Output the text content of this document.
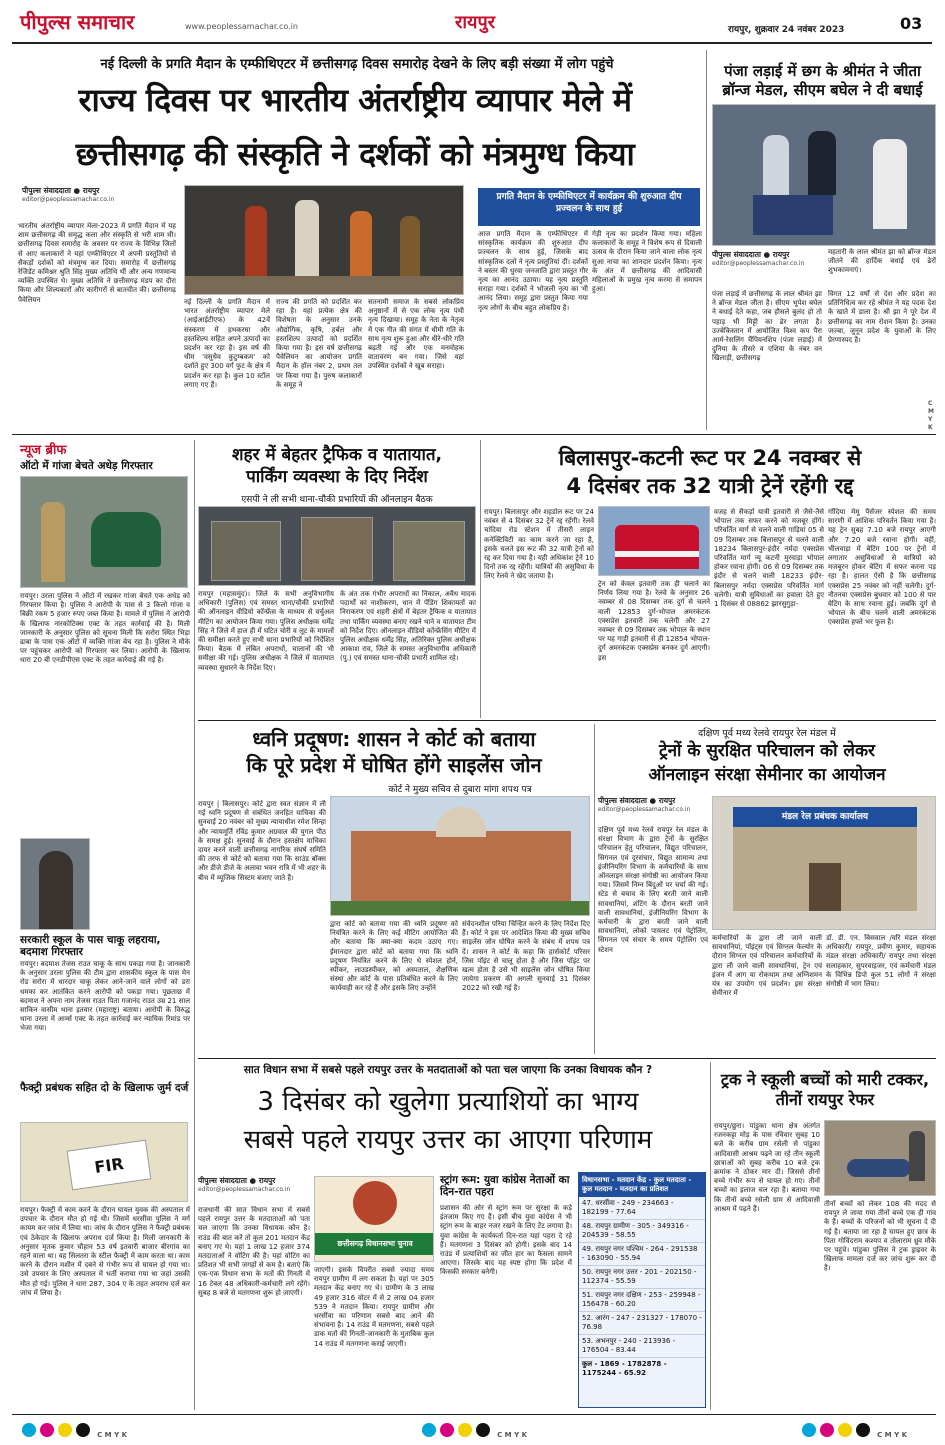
पीपुल्स समाचार	www.peoplessamachar.co.in	रायपुर	रायपुर, शुक्रवार 24 नवंबर 2023	03
नई दिल्ली के प्रगति मैदान के एम्फीथिएटर में छत्तीसगढ़ दिवस समारोह देखने के लिए बड़ी संख्या में लोग पहुंचे
राज्य दिवस पर भारतीय अंतर्राष्ट्रीय व्यापार मेले में
छत्तीसगढ़ की संस्कृति ने दर्शकों को मंत्रमुग्ध किया
पीपुल्स संवाददाता ● रायपुर
editor@peoplessamachar.co.in
भारतीय अंतर्राष्ट्रीय व्यापार मेला-2023 में प्रगति मैदान में यह शाम छत्तीसगढ़ की समृद्ध कला और संस्कृति से भरी शाम थी। छत्तीसगढ़ दिवस समारोह के अवसर पर राज्य के विभिन्न जिलों से आए कलाकारों ने यहां एम्फीथिएटर में अपनी प्रस्तुतियों से सैकड़ों दर्शकों को मंत्रमुग्ध कर दिया। समारोह में छत्तीसगढ़ रेजिडेंट कमिश्नर श्रुति सिंह मुख्य अतिथि थीं और अन्य गणमान्य व्यक्ति उपस्थित थे। मुख्य अतिथि ने छत्तीसगढ़ मंडप का दौरा किया और शिल्पकारों और कारीगरों से बातचीत की। छत्तीसगढ़ पैवेलियन
प्रगति मैदान के एम्फीथिएटर में कार्यक्रम की शुरुआत दीप प्रज्वलन के साथ हुई
आज प्रगति मैदान के एम्फीथिएटर में सांस्कृतिक कार्यक्रम की शुरुआत दीप प्रज्वलन के साथ हुई, जिसके बाद सांस्कृतिक दलों ने नृत्य प्रस्तुतियां दीं। दर्शकों ने बस्तर की धुरवा जनजाति द्वारा प्रस्तुत गौर नृत्य का आनंद उठाया। यह नृत्य प्रस्तुति सराहा गया। दर्शकों ने भोजली नृत्य का भी आनंद लिया। समूह द्वारा प्रस्तुत किया गया नृत्य लोगों के बीच बहुत लोकप्रिय है।
गेड़ी नृत्य का प्रदर्शन किया गया। महिला कलाकारों के समूह ने विशेष रूप से दिवाली उत्सव के दौरान किया जाने वाला लोक नृत्य सुआ नाचा का शानदार प्रदर्शन किया। नृत्य के अंत में छत्तीसगढ़ की आदिवासी महिलाओं के प्रमुख नृत्य करमा से समापन हुआ।
नई दिल्ली के प्रगति मैदान में भारत अंतर्राष्ट्रीय व्यापार मेले (आईआईटीएफ) के 42वें संस्करण में हथकरघा और हस्तशिल्प सहित अपने उत्पादों का प्रदर्शन कर रहा है। इस वर्ष की थीम 'वसुधैव कुटुम्बकम' को दर्शाते हुए 300 वर्ग फुट के क्षेत्र में प्रदर्शन कर रहा है। कुल 10 स्टॉल लगाए गए हैं।
राज्य की प्रगति को प्रदर्शित कर रहा है। यहां प्रत्येक क्षेत्र की विशेषता के अनुसार उनके औद्योगिक, कृषि, हर्बल और हस्तशिल्प उत्पादों को प्रदर्शित किया गया है। इस वर्ष छत्तीसगढ़ पैवेलियन का आयोजन प्रगति मैदान के हॉल नंबर 2, प्रथम तल पर किया गया है। पुरुष कलाकारों के समूह ने
सतनामी समाज के सबसे लोकप्रिय अनुष्ठानों में से एक लोक नृत्य पंथी नृत्य दिखाया। समूह के नेता के नेतृत्व में एक गीत की संगत में धीमी गति के साथ नृत्य शुरू हुआ और धीरे-धीरे गति बढ़ती गई और एक मनमोहक वातावरण बन गया। जिसे वहां उपस्थित दर्शकों ने खूब सराहा।
पंजा लड़ाई में छग के श्रीमंत ने जीता ब्रॉन्ज मेडल, सीएम बघेल ने दी बधाई
पीपुल्स संवाददाता ● रायपुर
editor@peoplessamachar.co.in
महतारी के लाल श्रीमंत झा को ब्रॉन्ज मेडल जीतने की हार्दिक बधाई एवं ढेरों शुभकामनाएं।
पंजा लड़ाई में छत्तीसगढ़ के लाल श्रीमंत झा ने ब्रॉन्ज मेडल जीता है। सीएम भूपेश बघेल ने बधाई देते कहा, जब हौसले बुलंद हो तो पहाड़ भी मिट्टी का ढेर लगता है। उज्बेकिस्तान में आयोजित विश्व कप पैरा आर्म-रेसलिंग चैंपियनशिप (पंजा लड़ाई) में दुनिया के तीसरे व एशिया के नंबर वन खिलाड़ी, छत्तीसगढ़
विगत 12 वर्षों से देश और प्रदेश का प्रतिनिधित्व कर रहे श्रीमंत ने यह पदक देश के खाते में डाला है। श्री झा ने पूरे देश में छत्तीसगढ़ का नाम रोशन किया है। उनका जज्बा, जुनून प्रदेश के युवाओं के लिए प्रेरणास्पद है।
न्यूज ब्रीफ
ऑटो में गांजा बेचते अधेड़ गिरफ्तार
रायपुर। उरला पुलिस ने ऑटो में रखकर गांजा बेचते एक अधेड़ को गिरफ्तार किया है। पुलिस ने आरोपी के पास से 3 किलो गांजा व बिक्री रकम 5 हजार रुपए जब्त किया है। मामले में पुलिस ने आरोपी के खिलाफ नारकोटिक्स एक्ट के तहत कार्रवाई की है। मिली जानकारी के अनुसार पुलिस को सूचना मिली कि सरोरा स्थित भिड़ा ढाबा के पास एक ऑटो में व्यक्ति गांजा बेच रहा है। पुलिस ने मौके पर पहुंचकर आरोपी को गिरफ्तार कर लिया। आरोपी के खिलाफ धारा 20 बी एनडीपीएस एक्ट के तहत कार्रवाई की गई है।
सरकारी स्कूल के पास चाकू लहराया, बदमाश गिरफ्तार
रायपुर। बदमाश तेजस राउत चाकू के साथ पकड़ा गया है। जानकारी के अनुसार उरला पुलिस की टीम द्वारा शासकीय स्कूल के पास मेन रोड सरोरा में धारदार चाकू लेकर आने-जाने वाले लोगों को डरा धमका कर आतंकित करने आरोपी को पकड़ा गया। पूछताछ में बदमाश ने अपना नाम तेजस राउत पिता गजानंद राउत उम्र 21 साल साकिन वासीम थाना इतवार (महाराष्ट्र) बताया। आरोपी के विरुद्ध थाना उरला में आर्म्स एक्ट के तहत कार्रवाई कर न्यायिक रिमांड पर भेजा गया।
फैक्ट्री प्रबंधक सहित दो के खिलाफ जुर्म दर्ज
FIR
रायपुर। फैक्ट्री में काम करने के दौरान घायल युवक की अस्पताल में उपचार के दौरान मौत हो गई थी। जिसमें धरसींवा पुलिस ने मर्ग कायम कर जांच में लिया था। जांच के दौरान पुलिस ने फैक्ट्री प्रबंधक एवं ठेकेदार के खिलाफ अपराध दर्ज किया है। मिली जानकारी के अनुसार मृतक कुमार चौहान 53 वर्ष इतवारी बाजार बीरगांव का रहने वाला था। वह सिलतरा के स्टील फैक्ट्री में काम करता था। काम करने के दौरान मशीन में दबने से गंभीर रूप से घायल हो गया था। उसे उपचार के लिए अस्पताल में भर्ती कराया गया था जहां उसकी मौत हो गई। पुलिस ने धारा 287, 304 ए के तहत अपराध दर्ज कर जांच में लिया है।
शहर में बेहतर ट्रैफिक व यातायात,
पार्किंग व्यवस्था के दिए निर्देश
एसपी ने ली सभी थाना-चौकी प्रभारियों की ऑनलाइन बैठक
रायपुर (महासमुंद)। जिले के सभी अनुविभागीय अधिकारी (पुलिस) एवं समस्त थाना/चौकी प्रभारियों की ऑनलाइन वीडियो कॉन्फ्रेंस के माध्यम से वर्चुअल मीटिंग का आयोजन किया गया। पुलिस अधीक्षक धर्मेंद्र सिंह ने जिले में हाल ही में घटित चोरी व लूट के मामलों की समीक्षा करते हुए सभी थाना प्रभारियों को निर्देशित किया। बैठक में लंबित अपराधों, चालानों की भी समीक्षा की गई। पुलिस अधीक्षक ने जिले में यातायात व्यवस्था सुधारने के निर्देश दिए।
के अंत तक गंभीर अपराधों का निकाल, अवैध मादक पदार्थों का नाशीकरण, धान में पेंडिंग शिकायतों का निराकरण एवं शहरी क्षेत्रों में बेहतर ट्रैफिक व यातायात तथा पार्किंग व्यवस्था बनाए रखने थाने व यातायात टीम को निर्देश दिए। ऑनलाइन वीडियो कॉन्फ्रेंसिंग मीटिंग में पुलिस अधीक्षक धर्मेंद्र सिंह, अतिरिक्त पुलिस अधीक्षक आकाश राव, जिले के समस्त अनुविभागीय अधिकारी (पु.) एवं समस्त थाना-चौकी प्रभारी शामिल रहे।
बिलासपुर-कटनी रूट पर 24 नवम्बर से
4 दिसंबर तक 32 यात्री ट्रेनें रहेंगी रद्द
रायपुर। बिलासपुर और शहडोल रूट पर 24 नवंबर से 4 दिसंबर 32 ट्रेनें रद्द रहेंगी। रेलवे चांदिया रोड स्टेशन में तीसरी लाइन कनेक्टिविटी का काम करने जा रहा है, इसके चलते इस रूट की 32 यात्री ट्रेनों को रद्द कर दिया गया है। यही अधिकांश ट्रेनें 10 दिनों तक रद्द रहेंगी। यात्रियों की असुविधा के लिए रेलवे ने खेद जताया है।
ट्रेन को केवल इतवारी तक ही चलाने का निर्णय लिया गया है। रेलवे के अनुसार 26 नवम्बर से 08 दिसम्बर तक दुर्ग से चलने वाली 12853 दुर्ग-भोपाल अमरकंटक एक्सप्रेस इतवारी तक चलेगी और 27 नवम्बर से 09 दिसम्बर तक भोपाल के स्थान पर यह गाड़ी इतवारी से ही 12854 भोपाल-दुर्ग अमरकंटक एक्सप्रेस बनकर दुर्ग आएगी। इस
वजह से सैकड़ों यात्री इतवारी से जैसे-तैसे भोपाल तक सफर करने को मजबूर होंगे। परिवर्तित मार्ग से चलने वाली गाड़ियां 05 से 09 दिसम्बर तक बिलासपुर से चलने वाली 18234 बिलासपुर-इंदौर नर्मदा एक्सप्रेस परिवर्तित मार्ग न्यू कटनी मुरवाड़ा भोपाल होकर रवाना होगी। 06 से 09 दिसम्बर तक इंदौर से चलने वाली 18233 इंदौर-बिलासपुर नर्मदा एक्सप्रेस परिवर्तित मार्ग चलेगी। यात्री सुविधाओं का हवाला देते हुए 1 दिसंबर से 08862 झारसुगुड़ा-
गोंदिया मेमू पैसेंजर स्पेशल की समय सारणी में आंशिक परिवर्तन किया गया है। यह ट्रेन सुबह 7.10 बजे रायपुर आएगी और 7.20 बजे रवाना होगी। वहीं, भीलवाड़ा में बेटिंग 100 पर ट्रेनों में लगातार असुविधाओं से यात्रियों को मजबूरन होकर बेटिंग में सफर करना पड़ रहा है। हालत ऐसी है कि छत्तीसगढ़ एक्सप्रेस 25 नवंबर को नहीं चलेगी। दुर्ग-नौतनवा एक्सप्रेस बुधवार को 100 से पार वेटिंग के साथ रवाना हुई। जबकि दुर्ग से भोपाल के बीच चलने वाली अमरकंटक एक्सप्रेस हफ्ते भर फुल है।
ध्वनि प्रदूषण: शासन ने कोर्ट को बताया
कि पूरे प्रदेश में घोषित होंगे साइलेंस जोन
कोर्ट ने मुख्य सचिव से दुबारा मांगा शपथ पत्र
रायपुर | बिलासपुर। कोर्ट द्वारा स्वत संज्ञान में ली गई ध्वनि प्रदूषण से संबंधित जनहित याचिका की सुनवाई 20 नवंबर को मुख्य न्यायाधीश रमेश सिन्हा और न्यायमूर्ति रविंद्र कुमार अग्रवाल की युगल पीठ के समक्ष हुई। सुनवाई के दौरान हस्तक्षेप याचिका दायर करने वाली छत्तीसगढ़ नागरिक संघर्ष समिति की तरफ से कोर्ट को बताया गया कि साउंड बॉक्स और डीजे डीजे के अलावा भवन रात्रि में भी शहर के बीच में म्यूजिक सिस्टम बजाए जाते हैं।
द्वारा कोर्ट को बताया गया की ध्वनि प्रदूषण को नियंत्रित करने के लिए कई मीटिंग आयोजित की और बताया कि क्या-क्या कदम उठाए गए। ईमानदार द्वारा कोर्ट को बताया गया कि ध्वनि प्रदूषण नियंत्रित करने के लिए थे स्पेशल होर्न, स्पीकर, लाउडस्पीकर, को अस्पताल, शैक्षणिक संस्था और कोर्ट के पास प्रतिबंधित करने के लिए कार्यवाही कर रहे हैं और इसके लिए उन्होंने
संवेदनशील परिया चिन्हित करने के लिए निर्देश दिए हैं। कोर्ट ने इस पर आदेशित किया की मुख्य सचिव साइलेंस जोन घोषित करने के संबंध में शपथ पत्र दें। शासन ने कोर्ट के कहा कि हार्सकोर्ट परिसर जिस पॉइंट से चालू होता है और जिस पॉइंट पर खत्म होता है उसे भी साइलेंस जोन घोषित किया जायेगा प्रकरण की अगली सुनवाई 31 दिसंबर 2022 को रखी गई है।
दक्षिण पूर्व मध्य रेलवे रायपुर रेल मंडल में
ट्रेनों के सुरक्षित परिचालन को लेकर
ऑनलाइन संरक्षा सेमीनार का आयोजन
पीपुल्स संवाददाता ● रायपुर
editor@peoplessamachar.co.in
दक्षिण पूर्व मध्य रेलवे रायपुर रेल मंडल के संरक्षा विभाग के द्वारा ट्रेनों के सुरक्षित परिचालन हेतु परिचालन, विद्युत परिचालन, सिगनल एवं दूरसंचार, विद्युत सामान्य तथा इंजीनियरिंग विभाग के कर्मचारियों के साथ ऑनलाइन संरक्षा संगोष्ठी का आयोजन किया गया। जिसमें निम्न बिंदुओं पर चर्चा की गई। स्टेड से बचाव के लिए बरती जाने वाली सावधानियां, शंटिंग के दौरान बरती जाने वाली सावधानियां, इंजीनियरिंग विभाग के कर्मचारी के द्वारा बरती जाने वाली सावधानियां, लोको पायलट एवं पेट्रोलिंग, सिगनल एवं संचार के समय पेट्रोलिंग एवं स्टेशन
मंडल रेल प्रबंधक कार्यालय
कर्मचारियों के द्वारा ली जाने वाली सावधानियां, पॉइंट्स एवं सिग्नल फेल्योर के दौरान सिग्नल एवं परिचालन कर्मचारियों के द्वारा ली जाने वाली सावधानियां, ट्रेन एवं इंजन में आग या रोकथाम तथा अग्निशमन यंत्र का उपयोग एवं प्रदर्शन। इस संरक्षा सेमीनार में
डॉ. डी. एन. बिसवाल /वरि मंडल संरक्षा अधिकारी/ रायपुर, प्रवीण कुमार, सहायक मंडल संरक्षा अधिकारी/ रायपुर तथा संरक्षा सलाहकार, सुपरवाइजर, एवं कर्मचारी मंडल के विभिन्न डिपो कुल 51 लोगों ने संरक्षा संगोष्ठी में भाग लिया।
सात विधान सभा में सबसे पहले रायपुर उत्तर के मतदाताओं को पता चल जाएगा कि उनका विधायक कौन ?
3 दिसंबर को खुलेगा प्रत्याशियों का भाग्य
सबसे पहले रायपुर उत्तर का आएगा परिणाम
पीपुल्स संवाददाता ● रायपुर
editor@peoplessamachar.co.in
राजधानी की सात विधान सभा में सबसे पहले रायपुर उत्तर के मतदाताओं को पता चल जाएगा कि उनका विधायक कौन है। राउंड की बात करें तो कुल 201 मतदान केंद्र बनाए गए थे। यहां 1 लाख 12 हजार 374 मतदाताओं ने वोटिंग की है। यहां वोटिंग का प्रतिशत भी सभी जगहों से कम है। बताएं कि एक-एक विधान सभा के मतों की गिनती में 16 टेबल 48 अधिकारी-कर्मचारी लगे रहेंगे। सुबह 8 बजे से मतगणना शुरू हो जाएगी।
छत्तीसगढ़ विधानसभा चुनाव
जाएगी। इसके विपरीत सबसे ज्यादा समय रायपुर ग्रामीण में लग सकता है। यहां पर 305 मतदान केंद्र बनाए गए थे। ग्रामीण के 3 लाख 49 हजार 316 वोटर में से 2 लाख 04 हजार 539 ने मतदान किया। रायपुर ग्रामीण और धरसींवा का परिणाम सबसे बाद आने की संभावना है। 14 राउंड में मतगणना, सबसे पहले डाक मतों की गिनती-जानकारी के मुताबिक कुल 14 राउंड में मतगणना कराई जाएगी।
स्ट्रांग रूम: युवा कांग्रेस नेताओं का दिन-रात पहरा
प्रशासन की ओर से स्ट्रांग रूम पर सुरक्षा के कड़े इंतजाम किए गए हैं। इसी बीच युवा कांग्रेस ने भी स्ट्रांग रूम के बाहर नजर रखने के लिए टेंट लगाया है। युवा कांग्रेस के कार्यकर्ता दिन-रात यहां पहरा दे रहे हैं। मतगणना 3 दिसंबर को होगी। इसके बाद 14 राउंड में प्रत्याशियों का जीत हार का फैसला सामने आएगा। जिसके बाद यह स्पष्ट होगा कि प्रदेश में किसकी सरकार बनेगी।
विधानसभा - मतदान केंद्र - कुल मतदाता - कुल मतदान - मतदान का प्रतिशत
47. धरसींवा - 249 - 234663 - 182199 - 77.64
48. रायपुर ग्रामीण - 305 - 349316 - 204539 - 58.55
49. रायपुर नगर पश्चिम - 264 - 291538 - 163090 - 55.94
50. रायपुर नगर उत्तर - 201 - 202150 - 112374 - 55.59
51. रायपुर नगर दक्षिण - 253 - 259948 - 156478 - 60.20
52. आरंग - 247 - 231327 - 178070 - 76.98
53. अभनपुर - 240 - 213936 - 176504 - 83.44
कुल - 1869 - 1782878 - 1175244 - 65.92
ट्रक ने स्कूली बच्चों को मारी टक्कर, तीनों रायपुर रेफर
रायपुर/छुरा। पांडुका थाना क्षेत्र अंतर्गत रजनकट्टा मोड़ के पास रविवार सुबह 10 बजे के करीब ग्राम रसेली से पांडुका आदिवासी आश्रम पढ़ने जा रहे तीन स्कूली छात्राओं को सुबह करीब 10 बजे ट्रक क्रमांक ने ठोकर मार दी। जिससे तीनों बच्चे गंभीर रूप से घायल हो गए। तीनों बच्चों का इलाज चल रहा है। बताया गया कि तीनों बच्चे रसेली ग्राम से आदिवासी आश्रम में पढ़ने हैं।
तीनों बच्चों को लेकर 108 की मदद से रायपुर ले जाया गया तीनों बच्चे एक ही गांव के हैं। बच्चों के परिजनों को भी सूचना दे दी गई है। बताया जा रहा है घायल हुए छात्र के पिता गोविंदराम कश्यप व तोलाराम ध्रुव मौके पर पहुंचे। पांडुका पुलिस ने ट्रक ड्राइवर के खिलाफ मामला दर्ज कर जांच शुरू कर दी है।
C M Y K
C M Y K	C M Y K	C M Y K
